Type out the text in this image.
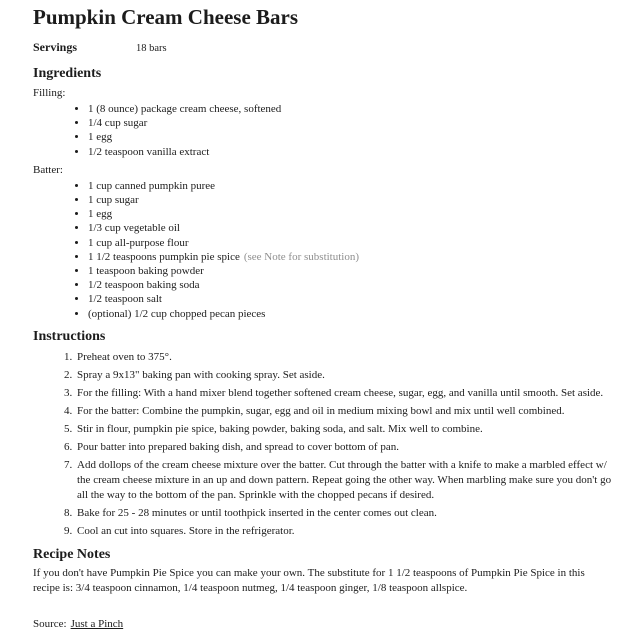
Pumpkin Cream Cheese Bars
Servings	18 bars
Ingredients
Filling:
• 1 (8 ounce) package cream cheese, softened
• 1/4 cup sugar
• 1 egg
• 1/2 teaspoon vanilla extract
Batter:
• 1 cup canned pumpkin puree
• 1 cup sugar
• 1 egg
• 1/3 cup vegetable oil
• 1 cup all-purpose flour
• 1 1/2 teaspoons pumpkin pie spice (see Note for substitution)
• 1 teaspoon baking powder
• 1/2 teaspoon baking soda
• 1/2 teaspoon salt
• (optional) 1/2 cup chopped pecan pieces
Instructions
1. Preheat oven to 375°.
2. Spray a 9x13" baking pan with cooking spray. Set aside.
3. For the filling: With a hand mixer blend together softened cream cheese, sugar, egg, and vanilla until smooth. Set aside.
4. For the batter: Combine the pumpkin, sugar, egg and oil in medium mixing bowl and mix until well combined.
5. Stir in flour, pumpkin pie spice, baking powder, baking soda, and salt. Mix well to combine.
6. Pour batter into prepared baking dish, and spread to cover bottom of pan.
7. Add dollops of the cream cheese mixture over the batter. Cut through the batter with a knife to make a marbled effect w/ the cream cheese mixture in an up and down pattern. Repeat going the other way. When marbling make sure you don't go all the way to the bottom of the pan. Sprinkle with the chopped pecans if desired.
8. Bake for 25 - 28 minutes or until toothpick inserted in the center comes out clean.
9. Cool an cut into squares. Store in the refrigerator.
Recipe Notes

If you don't have Pumpkin Pie Spice you can make your own. The substitute for 1 1/2 teaspoons of Pumpkin Pie Spice in this recipe is: 3/4 teaspoon cinnamon, 1/4 teaspoon nutmeg, 1/4 teaspoon ginger, 1/8 teaspoon allspice.

Source: Just a Pinch
